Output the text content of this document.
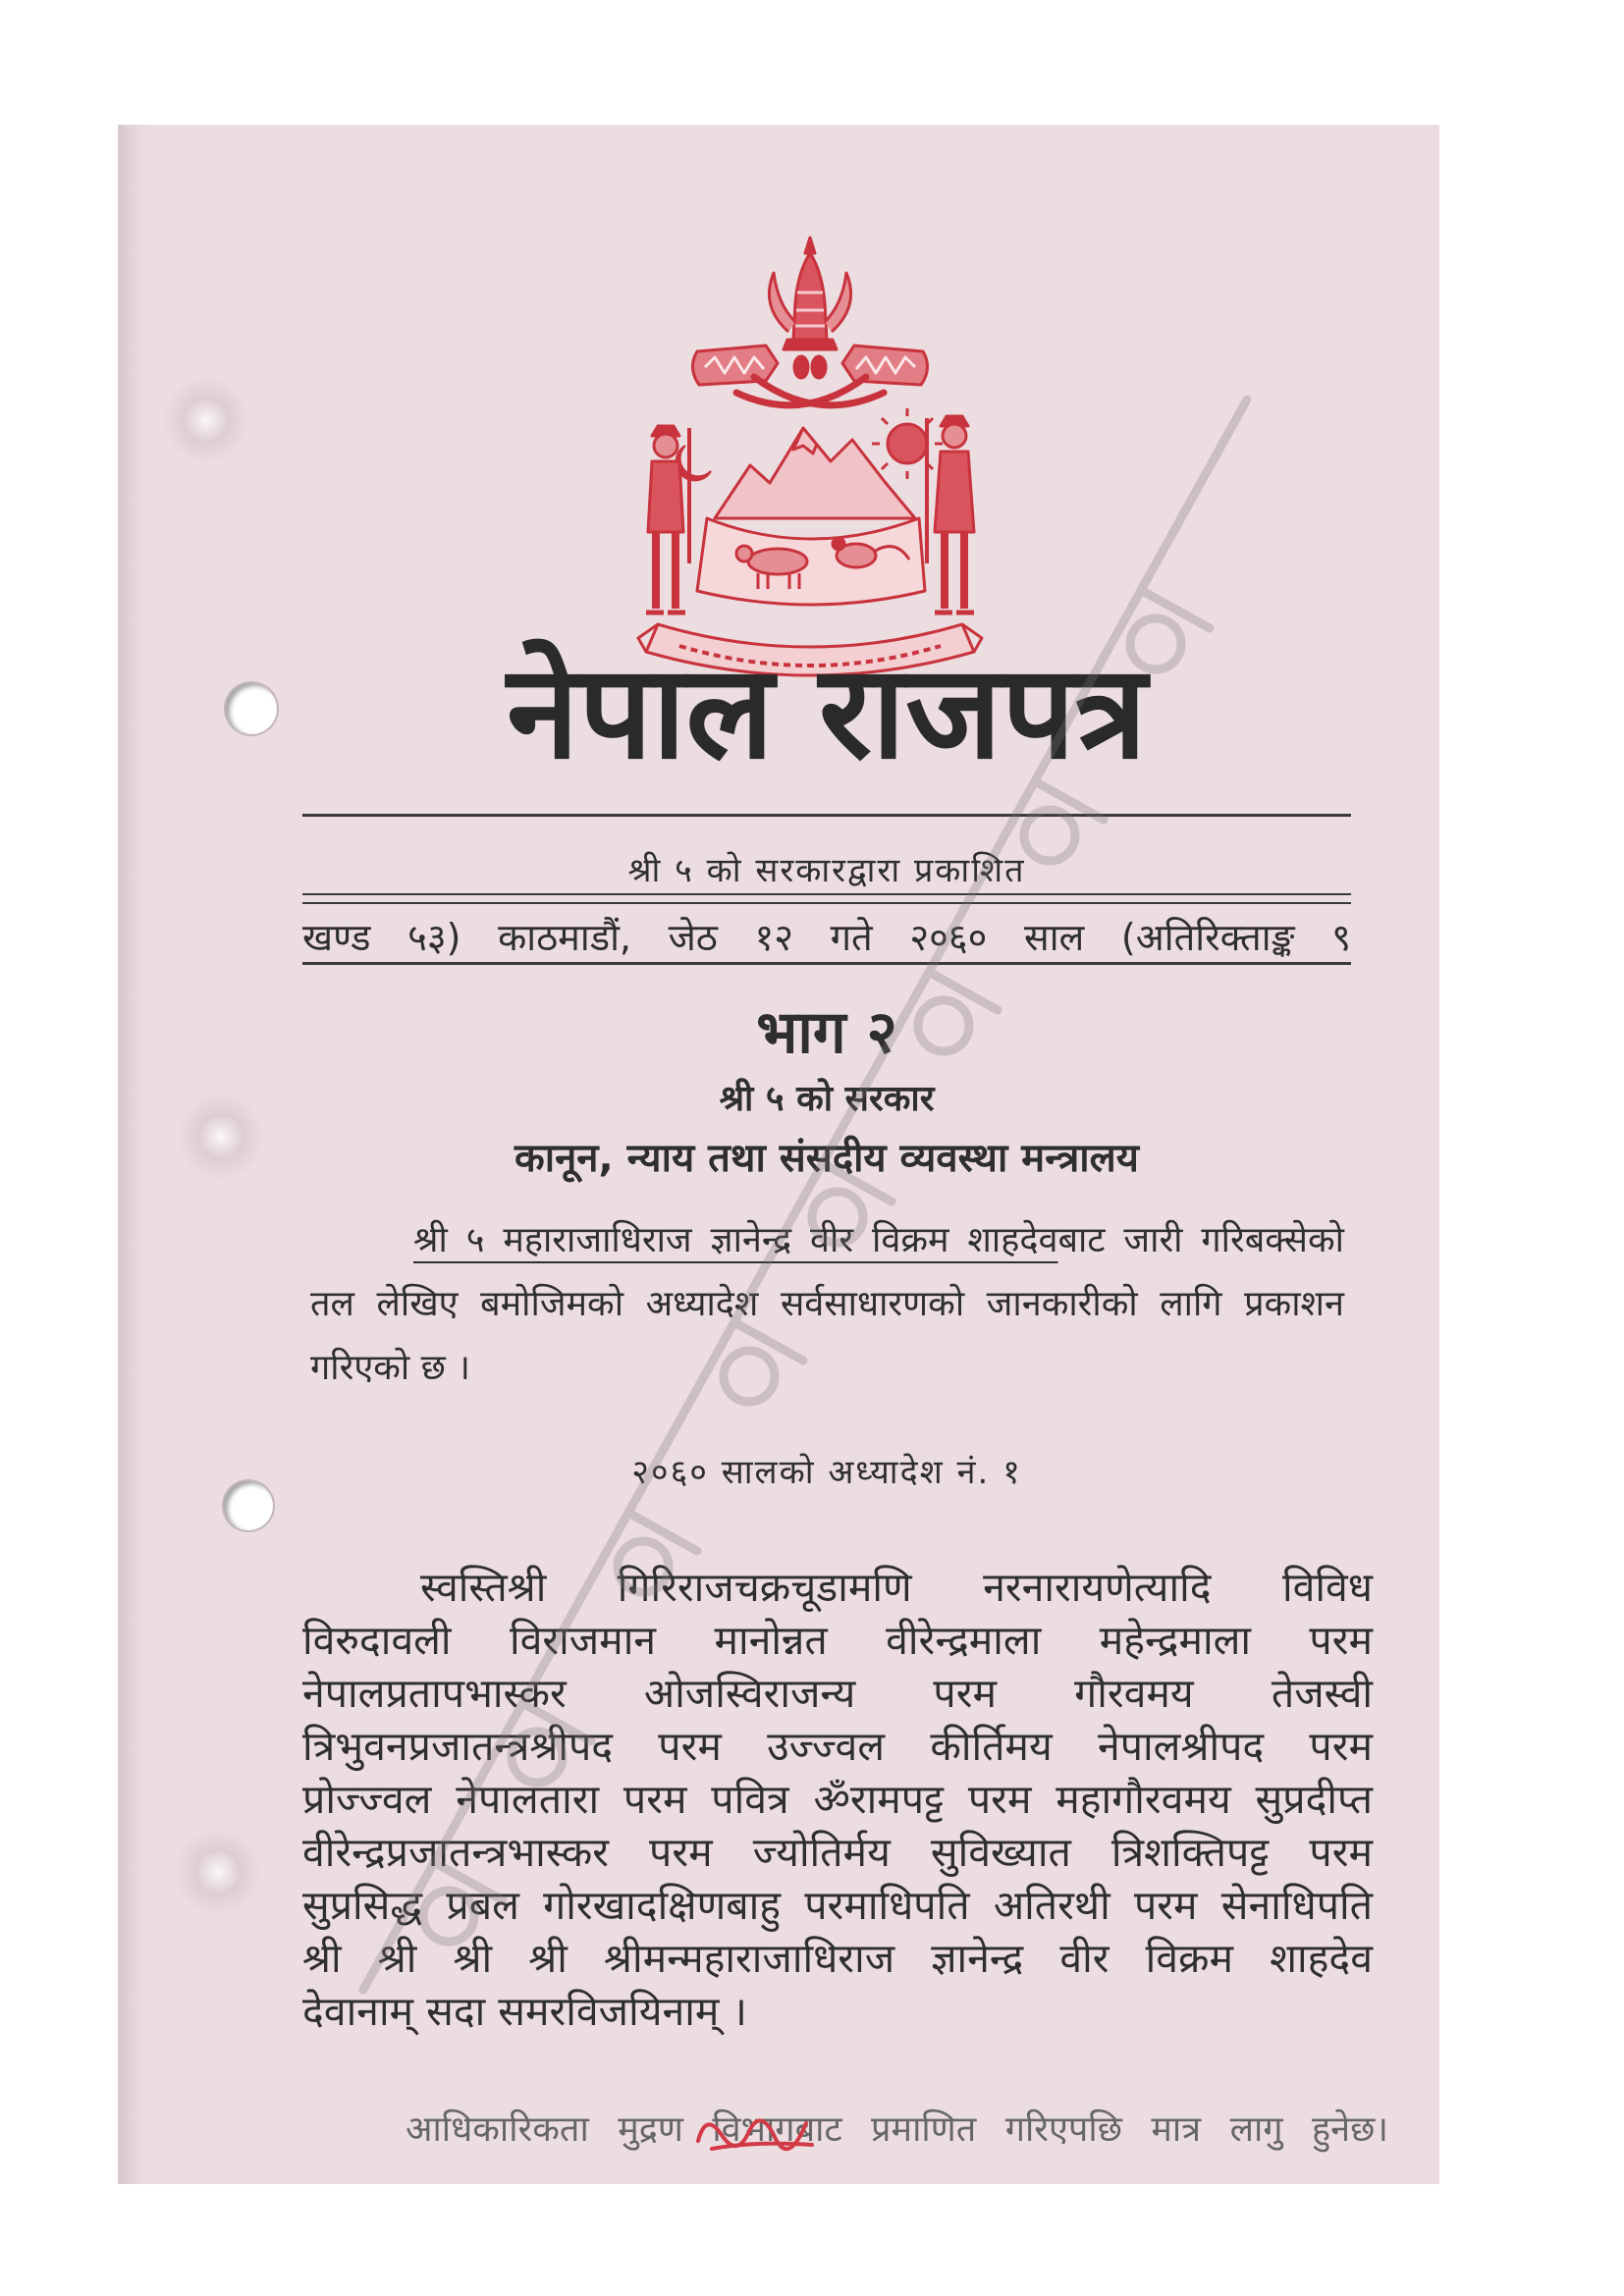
नेपाल राजपत्र
श्री ५ को सरकारद्वारा प्रकाशित
खण्ड ५३) काठमाडौं, जेठ १२ गते २०६० साल (अतिरिक्ताङ्क ९
भाग २
श्री ५ को सरकार
कानून, न्याय तथा संसदीय व्यवस्था मन्त्रालय
श्री ५ महाराजाधिराज ज्ञानेन्द्र वीर विक्रम शाहदेवबाट जारी गरिबक्सेको
तल लेखिए बमोजिमको अध्यादेश सर्वसाधारणको जानकारीको लागि प्रकाशन
गरिएको छ ।
२०६० सालको अध्यादेश नं. १
स्वस्तिश्री गिरिराजचक्रचूडामणि नरनारायणेत्यादि विविध
विरुदावली विराजमान मानोन्नत वीरेन्द्रमाला महेन्द्रमाला परम
नेपालप्रतापभास्कर ओजस्विराजन्य परम गौरवमय तेजस्वी
त्रिभुवनप्रजातन्त्रश्रीपद परम उज्ज्वल कीर्तिमय नेपालश्रीपद परम
प्रोज्ज्वल नेपालतारा परम पवित्र ॐरामपट्ट परम महागौरवमय सुप्रदीप्त
वीरेन्द्रप्रजातन्त्रभास्कर परम ज्योतिर्मय सुविख्यात त्रिशक्तिपट्ट परम
सुप्रसिद्ध प्रबल गोरखादक्षिणबाहु परमाधिपति अतिरथी परम सेनाधिपति
श्री श्री श्री श्री श्रीमन्महाराजाधिराज ज्ञानेन्द्र वीर विक्रम शाहदेव
देवानाम् सदा समरविजयिनाम् ।
आधिकारिकता मुद्रण विभागबाट प्रमाणित गरिएपछि मात्र लागु हुनेछ।
